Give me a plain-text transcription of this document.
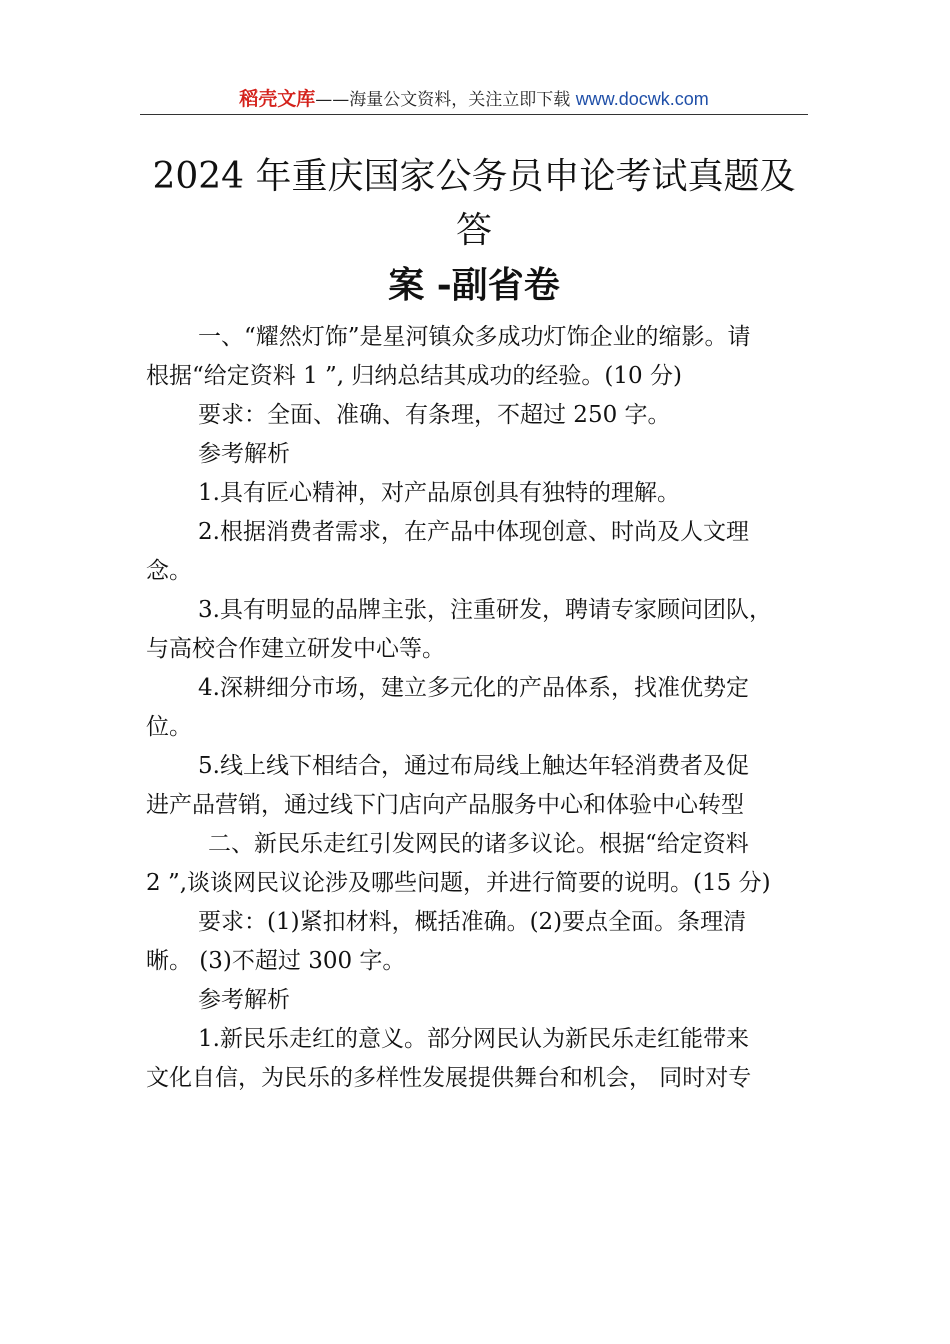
稻壳文库——海量公文资料，关注立即下载 www.docwk.com
2024 年重庆国家公务员申论考试真题及答
案 -副省卷

一、“耀然灯饰”是星河镇众多成功灯饰企业的缩影。请
根据“给定资料 1 ”, 归纳总结其成功的经验。(10 分)

要求：全面、准确、有条理，不超过 250 字。

参考解析

1.具有匠心精神，对产品原创具有独特的理解。

2.根据消费者需求，在产品中体现创意、时尚及人文理
念。

3.具有明显的品牌主张，注重研发，聘请专家顾问团队，
与高校合作建立研发中心等。

4.深耕细分市场，建立多元化的产品体系，找准优势定
位。

5.线上线下相结合，通过布局线上触达年轻消费者及促
进产品营销，通过线下门店向产品服务中心和体验中心转型

二、新民乐走红引发网民的诸多议论。根据“给定资料
2 ”,谈谈网民议论涉及哪些问题，并进行简要的说明。(15 分)

要求：(1)紧扣材料，概括准确。(2)要点全面。条理清
晰。 (3)不超过 300 字。

参考解析

1.新民乐走红的意义。部分网民认为新民乐走红能带来
文化自信，为民乐的多样性发展提供舞台和机会， 同时对专
